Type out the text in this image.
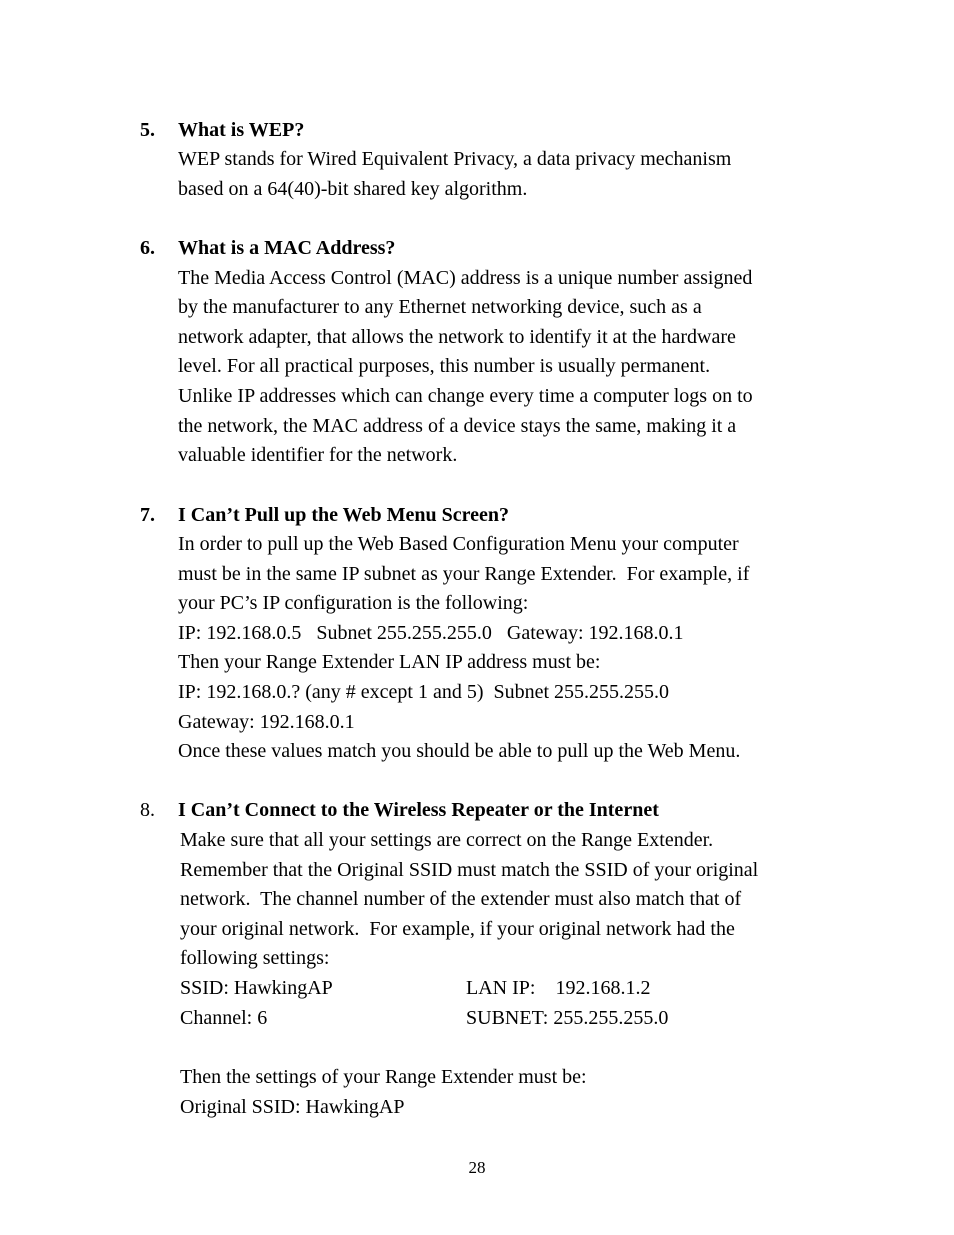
5. What is WEP?
WEP stands for Wired Equivalent Privacy, a data privacy mechanism
based on a 64(40)-bit shared key algorithm.
6. What is a MAC Address?
The Media Access Control (MAC) address is a unique number assigned
by the manufacturer to any Ethernet networking device, such as a
network adapter, that allows the network to identify it at the hardware
level. For all practical purposes, this number is usually permanent.
Unlike IP addresses which can change every time a computer logs on to
the network, the MAC address of a device stays the same, making it a
valuable identifier for the network.
7. I Can’t Pull up the Web Menu Screen?
In order to pull up the Web Based Configuration Menu your computer
must be in the same IP subnet as your Range Extender.  For example, if
your PC’s IP configuration is the following:
IP: 192.168.0.5   Subnet 255.255.255.0   Gateway: 192.168.0.1
Then your Range Extender LAN IP address must be:
IP: 192.168.0.? (any # except 1 and 5)  Subnet 255.255.255.0
Gateway: 192.168.0.1
Once these values match you should be able to pull up the Web Menu.
8. I Can’t Connect to the Wireless Repeater or the Internet
Make sure that all your settings are correct on the Range Extender.
Remember that the Original SSID must match the SSID of your original
network.  The channel number of the extender must also match that of
your original network.  For example, if your original network had the
following settings:
SSID: HawkingAP	LAN IP:    192.168.1.2
Channel: 6	SUBNET: 255.255.255.0
Then the settings of your Range Extender must be:
Original SSID: HawkingAP
28
